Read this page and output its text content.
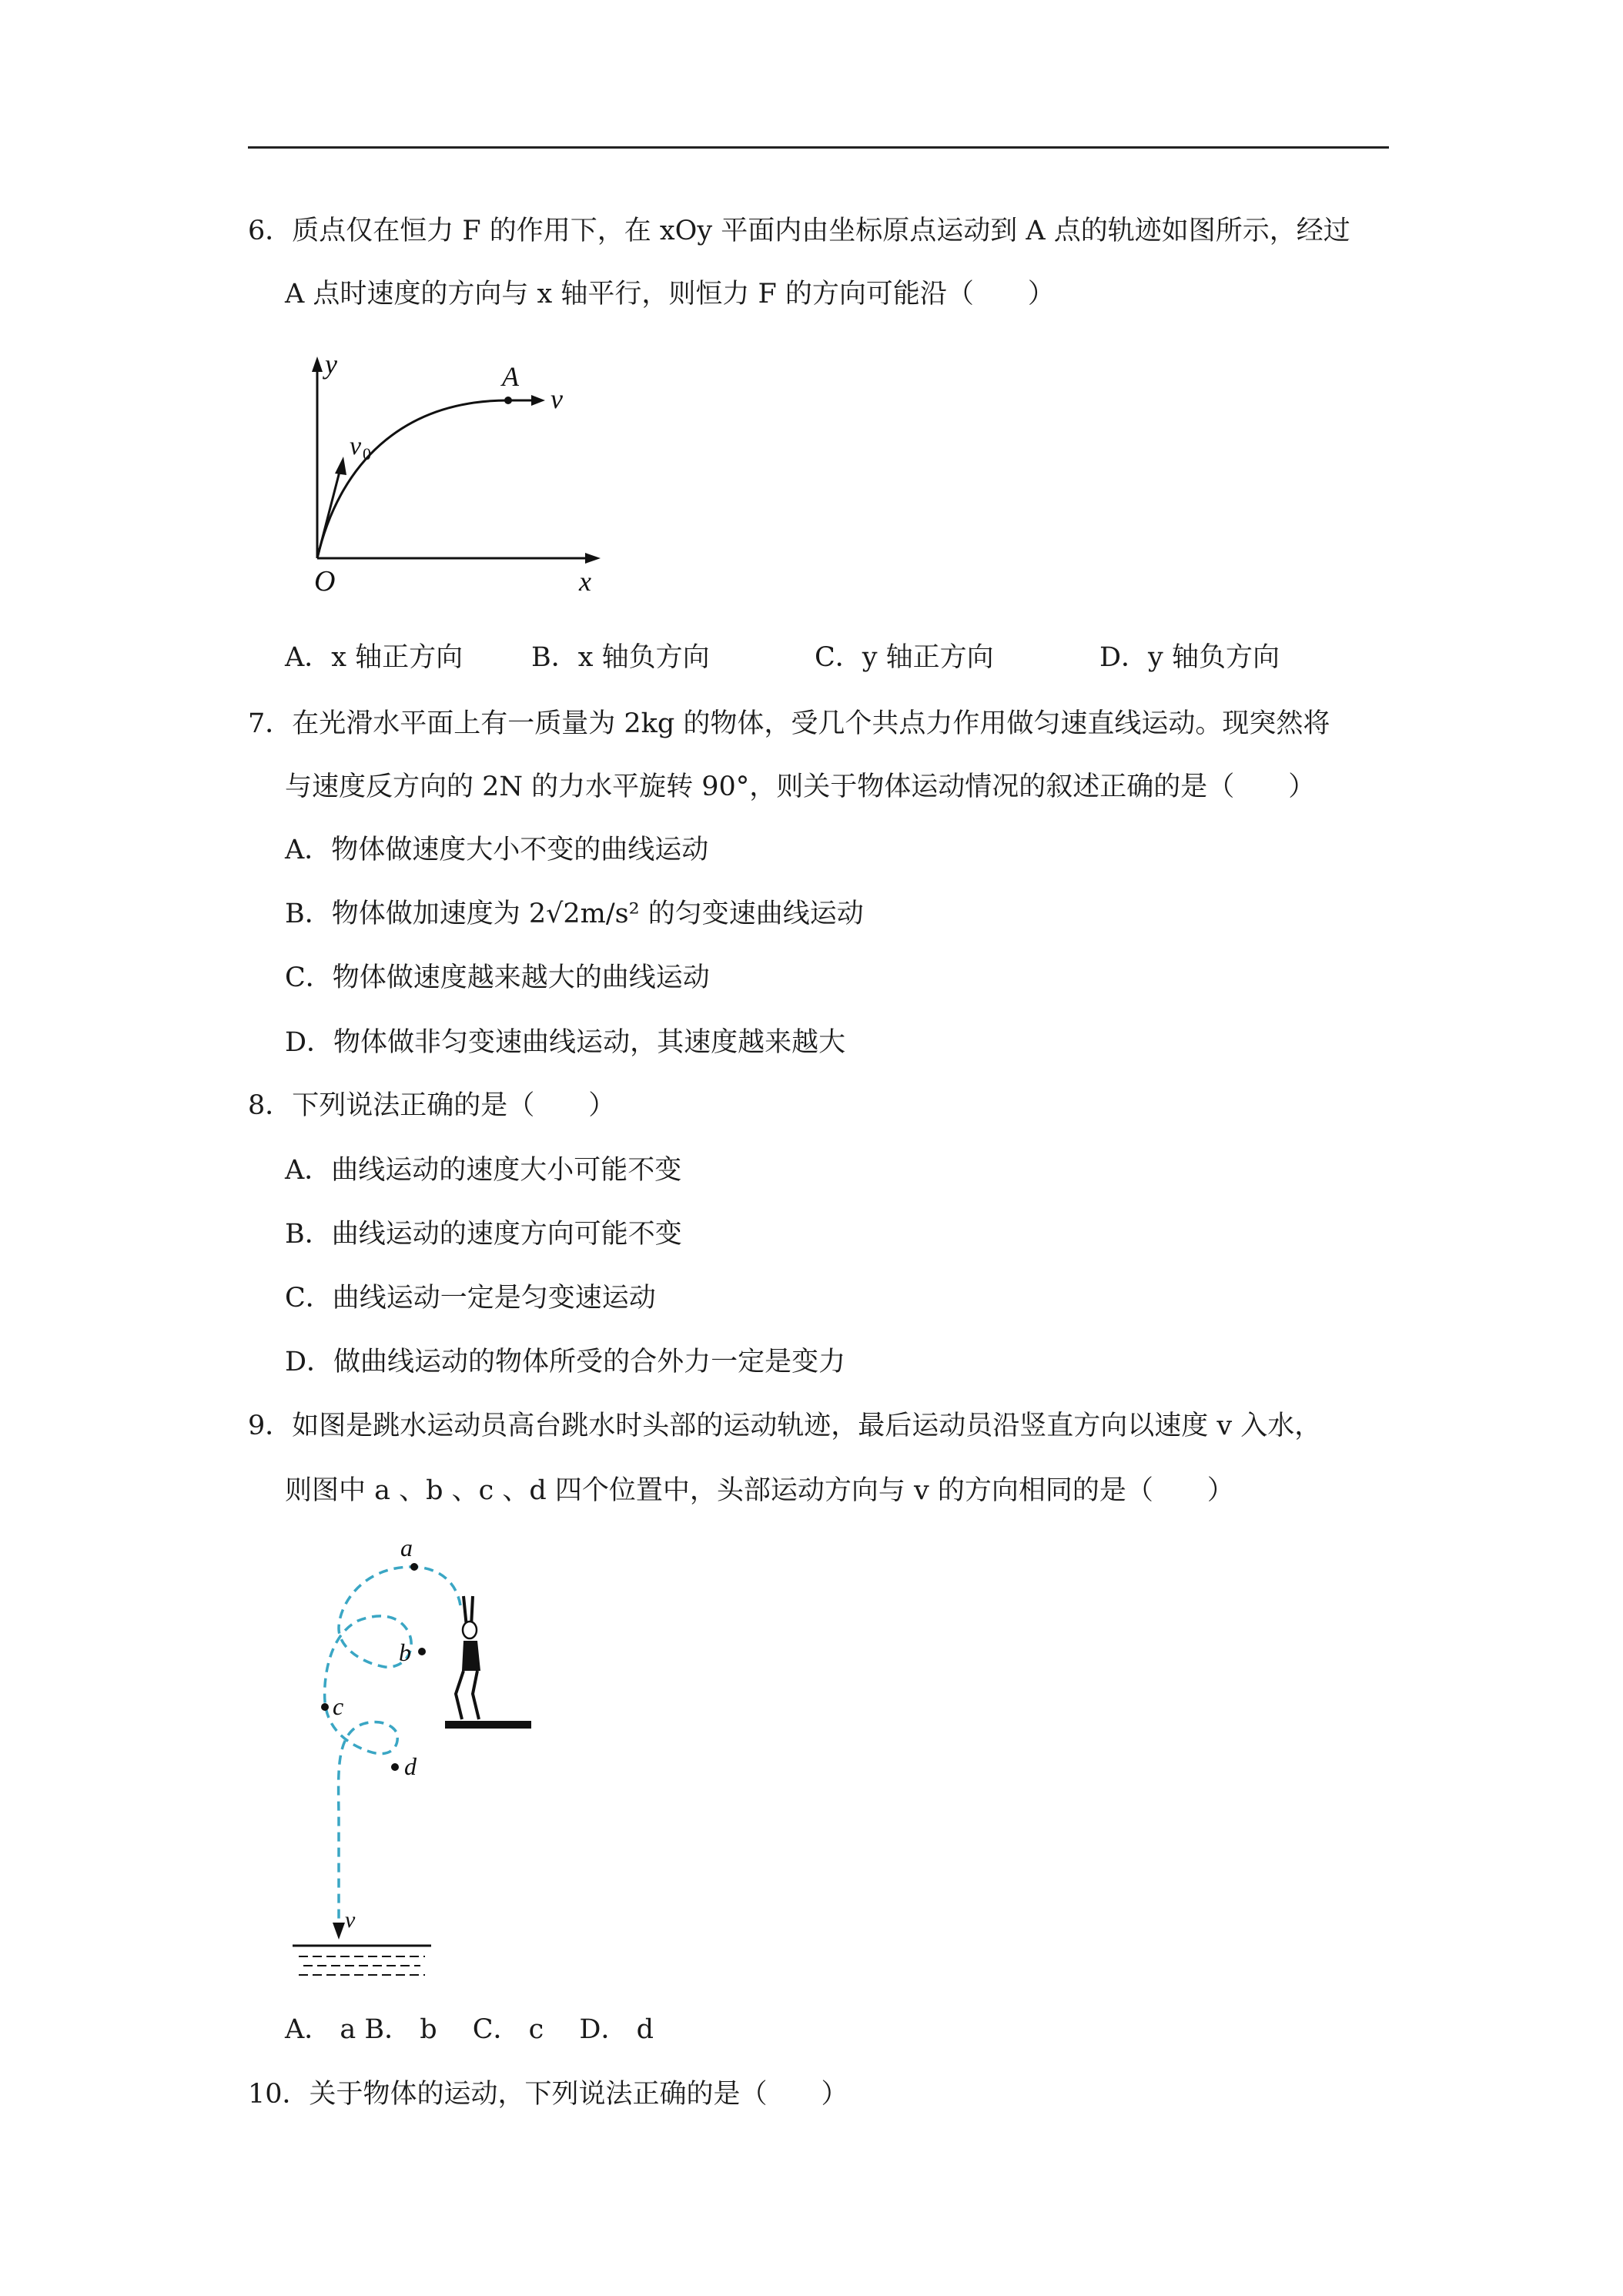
6．质点仅在恒力 F 的作用下，在 xOy 平面内由坐标原点运动到 A 点的轨迹如图所示，经过
A 点时速度的方向与 x 轴平行，则恒力 F 的方向可能沿（　　）
y	A
v
v 0
O	x
A．x 轴正方向	B．x 轴负方向	C．y 轴正方向	D．y 轴负方向
7．在光滑水平面上有一质量为 2kg 的物体，受几个共点力作用做匀速直线运动。现突然将
与速度反方向的 2N 的力水平旋转 90°，则关于物体运动情况的叙述正确的是（　　）
A．物体做速度大小不变的曲线运动
B．物体做加速度为 2√2m/s² 的匀变速曲线运动
C．物体做速度越来越大的曲线运动
D．物体做非匀变速曲线运动，其速度越来越大
8．下列说法正确的是（　　）
A．曲线运动的速度大小可能不变
B．曲线运动的速度方向可能不变
C．曲线运动一定是匀变速运动
D．做曲线运动的物体所受的合外力一定是变力
9．如图是跳水运动员高台跳水时头部的运动轨迹，最后运动员沿竖直方向以速度 v 入水，
则图中 a 、b 、c 、d 四个位置中，头部运动方向与 v 的方向相同的是（　　）
a
b
c
d
v
A． a B． b　 C． c　 D． d
10．关于物体的运动，下列说法正确的是（　　）
